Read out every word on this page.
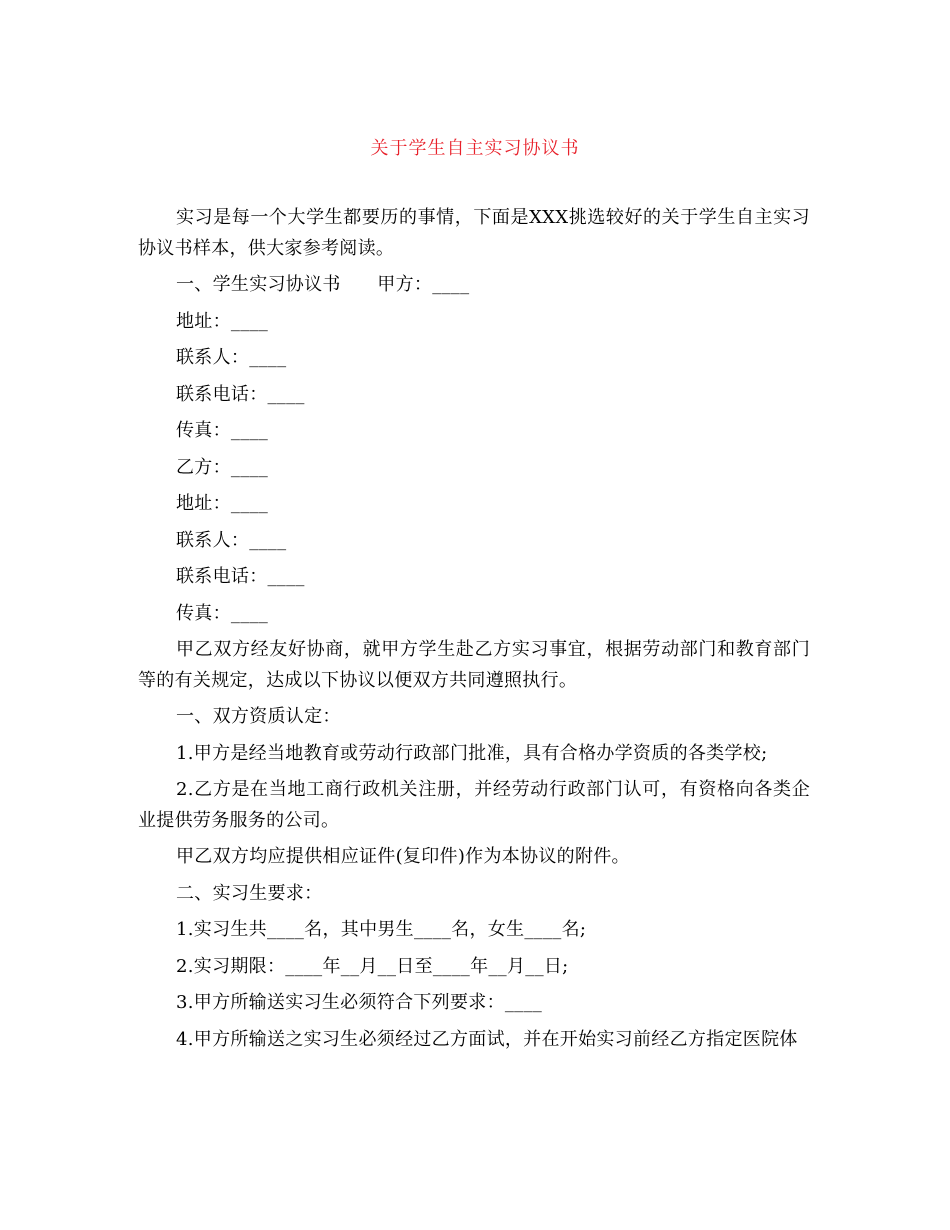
关于学生自主实习协议书

实习是每一个大学生都要历的事情，下面是XXX挑选较好的关于学生自主实习协议书样本，供大家参考阅读。

一、学生实习协议书　　甲方：____

地址：____

联系人：____

联系电话：____

传真：____

乙方：____

地址：____

联系人：____

联系电话：____

传真：____

甲乙双方经友好协商，就甲方学生赴乙方实习事宜，根据劳动部门和教育部门等的有关规定，达成以下协议以便双方共同遵照执行。

一、双方资质认定：

1.甲方是经当地教育或劳动行政部门批准，具有合格办学资质的各类学校;

2.乙方是在当地工商行政机关注册，并经劳动行政部门认可，有资格向各类企业提供劳务服务的公司。

甲乙双方均应提供相应证件(复印件)作为本协议的附件。

二、实习生要求：

1.实习生共____名，其中男生____名，女生____名;

2.实习期限：____年__月__日至____年__月__日;

3.甲方所输送实习生必须符合下列要求：____

4.甲方所输送之实习生必须经过乙方面试，并在开始实习前经乙方指定医院体
